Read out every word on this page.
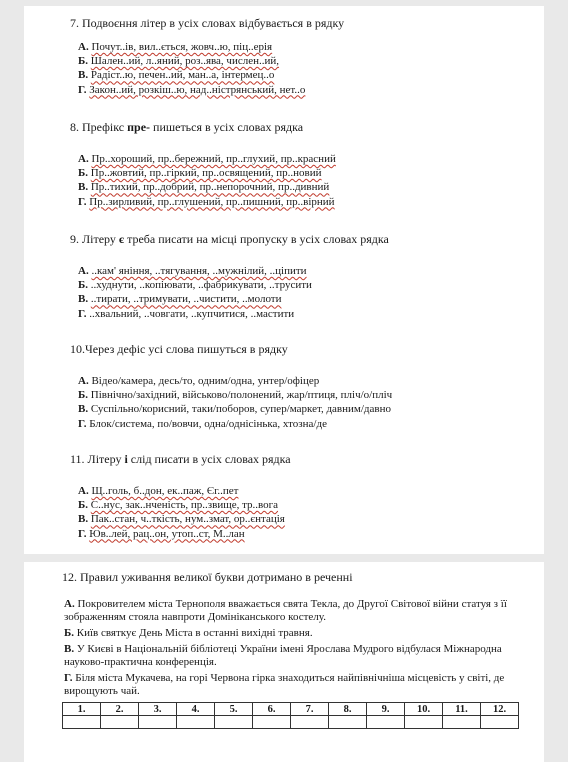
7. Подвоєння літер в усіх словах відбувається в рядку
А. Почут..ів, вил..ється, жовч..ю, піц..ерія
Б. Шален..ий, л..яний, роз..ява, числен..ий,
В. Радіст..ю, печен..ий, ман..а, інтермец..о
Г. Закон..ий, розкіш..ю, над..ністрянський, нет..о
8. Префікс пре- пишеться в усіх словах рядка
А. Пр..хороший, пр..бережний, пр..глухий, пр..красний
Б. Пр..жовтий, пр..гіркий, пр..освящений, пр..новий
В. Пр..тихий, пр..добрий, пр..непорочний, пр..дивний
Г. Пр..зирливий, пр..глушений, пр..пишний, пр..вірний
9. Літеру є треба писати на місці пропуску в усіх словах рядка
А. ..кам' яніння, ..тягування, ..мужнілий, ..ціпити
Б. ..худнути, ..копіювати, ..фабрикувати, ..трусити
В. ..тирати, ..тримувати, ..чистити, ..молоти
Г. ..хвальний, ..човгати, ..купчитися, ..мастити
10.Через дефіс усі слова пишуться в рядку
А. Відео/камера, десь/то, одним/одна, унтер/офіцер
Б. Північно/західний, військово/полонений, жар/птиця, пліч/о/пліч
В. Суспільно/корисний, таки/поборов, супер/маркет, давним/давно
Г. Блок/система, по/вовчи, одна/однісінька, хтозна/де
11. Літеру і слід писати в усіх словах рядка
А. Щ..голь, б..дон, ек..паж, Єг..пет
Б. С..нус, зак..нченість, пр..звище, тр..вога
В. Пак..стан, ч..ткість, нум..змат, ор..єнтація
Г. Юв..лей, рац..он, утоп..ст, М..лан
12. Правил уживання великої букви дотримано в реченні
А. Покровителем міста Тернополя вважається свята Текла, до Другої Світової війни статуя з її зображенням стояла навпроти Домініканського костелу.
Б. Київ святкує День Міста в останні вихідні травня.
В. У Києві в Національній бібліотеці України імені Ярослава Мудрого відбулася Міжнародна науково-практична конференція.
Г. Біля міста Мукачева, на горі Червона гірка знаходиться найпівнічніша місцевість у світі, де вирощують чай.
1.	2.	3.	4.	5.	6.	7.	8.	9.	10.	11.	12.
